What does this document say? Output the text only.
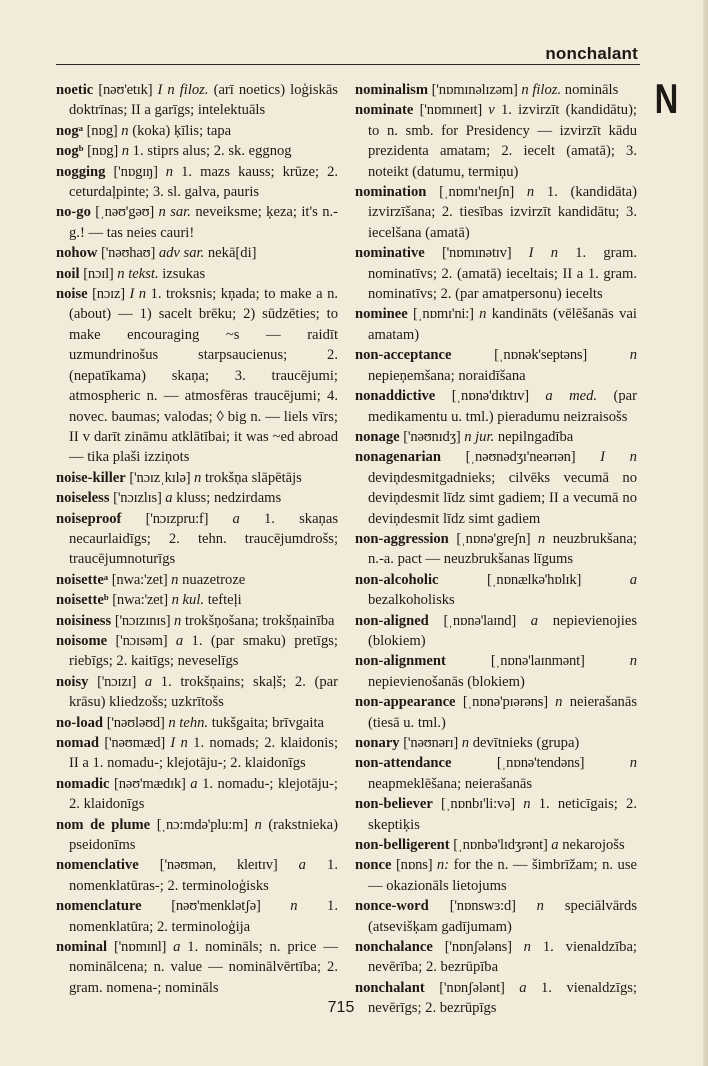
nonchalant
N

noetic [nəʊ'etɪk] I n filoz. (arī noetics) loģiskās doktrīnas; II a garīgs; intelektuāls

nogᵃ [nɒg] n (koka) ķīlis; tapa

nogᵇ [nɒg] n 1. stiprs alus; 2. sk. eggnog

nogging ['nɒgɪŋ] n 1. mazs kauss; krūze; 2. ceturdaļpinte; 3. sl. galva, pauris

no-go [ˌnəʊ'gəʊ] n sar. neveiksme; ķeza; it's n.-g.! — tas neies cauri!

nohow ['nəʊhaʊ] adv sar. nekā[di]

noil [nɔɪl] n tekst. izsukas

noise [nɔɪz] I n 1. troksnis; kņada; to make a n. (about) — 1) sacelt brēku; 2) sūdzēties; to make encouraging ~s — raidīt uzmundrinošus starpsaucienus; 2. (nepatīkama) skaņa; 3. traucējumi; atmospheric n. — atmosfēras traucējumi; 4. novec. baumas; valodas; ◊ big n. — liels vīrs; II v darīt zināmu atklātībai; it was ~ed abroad — tika plaši izziņots

noise-killer ['nɔɪzˌkɪlə] n trokšņa slāpētājs

noiseless ['nɔɪzlɪs] a kluss; nedzirdams

noiseproof ['nɔɪzpru:f] a 1. skaņas necaurlaidīgs; 2. tehn. traucējumdrošs; traucējumnoturīgs

noisetteᵃ [nwa:'zet] n nuazetroze

noisetteᵇ [nwa:'zet] n kul. tefteļi

noisiness ['nɔɪzɪnɪs] n trokšņošana; trokšņainība

noisome ['nɔɪsəm] a 1. (par smaku) pretīgs; riebīgs; 2. kaitīgs; neveselīgs

noisy ['nɔɪzɪ] a 1. trokšņains; skaļš; 2. (par krāsu) kliedzošs; uzkrītošs

no-load ['nəʊləʊd] n tehn. tukšgaita; brīvgaita

nomad ['nəʊmæd] I n 1. nomads; 2. klaidonis; II a 1. nomadu-; klejotāju-; 2. klaidonīgs

nomadic [nəʊ'mædɪk] a 1. nomadu-; klejotāju-; 2. klaidonīgs

nom de plume [ˌnɔ:mdə'plu:m] n (rakstnieka) pseidonīms

nomenclative ['nəʊmən, kleɪtɪv] a 1. nomenklatūras-; 2. terminoloģisks

nomenclature [nəʊ'menklətʃə] n 1. nomenklatūra; 2. terminoloģija

nominal ['nɒmɪnl] a 1. nomināls; n. price — nominālcena; n. value — nominālvērtība; 2. gram. nomena-; nomināls

nominalism ['nɒmɪnəlɪzəm] n filoz. nomināls

nominate ['nɒmɪneɪt] v 1. izvirzīt (kandidātu); to n. smb. for Presidency — izvirzīt kādu prezidenta amatam; 2. iecelt (amatā); 3. noteikt (datumu, termiņu)

nomination [ˌnɒmɪ'neɪʃn] n 1. (kandidāta) izvirzīšana; 2. tiesības izvirzīt kandidātu; 3. iecelšana (amatā)

nominative ['nɒmɪnətɪv] I n 1. gram. nominatīvs; 2. (amatā) ieceltais; II a 1. gram. nominatīvs; 2. (par amatpersonu) iecelts

nominee [ˌnɒmɪ'ni:] n kandināts (vēlēšanās vai amatam)

non-acceptance	[ˌnɒnək'septəns]	n nepieņemšana; noraidīšana

nonaddictive [ˌnɒnə'dɪktɪv] a med. (par medikamentu u. tml.) pieradumu neizraisošs

nonage ['nəʊnɪdʒ] n jur. nepilngadība

nonagenarian [ˌnəʊnədʒɪ'neərɪən] I n deviņdesmitgadnieks; cilvēks vecumā no deviņdesmit līdz simt gadiem; II a vecumā no deviņdesmit līdz simt gadiem

non-aggression [ˌnɒnə'greʃn] n neuzbrukšana; n.-a. pact — neuzbrukšanas līgums

non-alcoholic	[ˌnɒnælkə'hɒlɪk]	a bezalkoholisks

non-aligned [ˌnɒnə'laɪnd] a nepievienojies (blokiem)

non-alignment	[ˌnɒnə'laɪnmənt]	n nepievienošanās (blokiem)

non-appearance [ˌnɒnə'pɪərəns] n neierašanās (tiesā u. tml.)

nonary ['nəʊnərɪ] n devītnieks (grupa)

non-attendance	[ˌnɒnə'tendəns]	n neapmeklēšana; neierašanās

non-believer [ˌnɒnbɪ'li:və] n 1. neticīgais; 2. skeptiķis

non-belligerent [ˌnɒnbə'lɪdʒrənt] a nekarojošs

nonce [nɒns] n: for the n. — šimbrīžam; n. use — okazionāls lietojums

nonce-word ['nɒnswɜ:d] n speciālvārds (atsevišķam gadījumam)

nonchalance ['nɒnʃələns] n 1. vienaldzība; nevērība; 2. bezrūpība

nonchalant ['nɒnʃələnt] a 1. vienaldzīgs; nevērīgs; 2. bezrūpīgs

715
